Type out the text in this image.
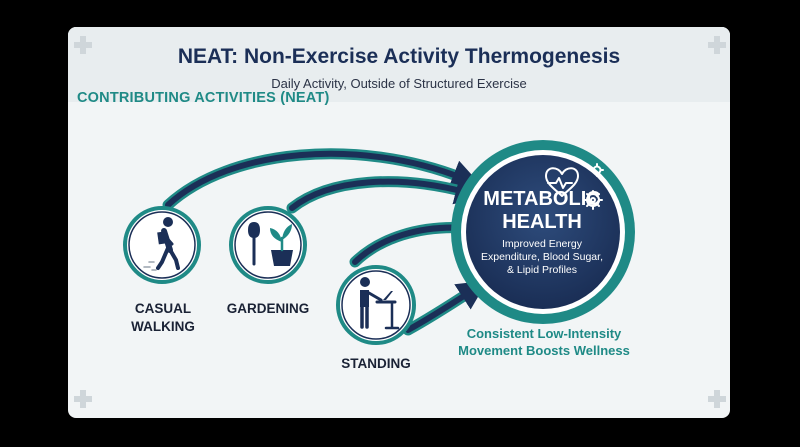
NEAT: Non-Exercise Activity Thermogenesis
Daily Activity, Outside of Structured Exercise
CONTRIBUTING ACTIVITIES (NEAT)
CASUAL
WALKING
GARDENING
STANDING
METABOLIC
HEALTH
Improved Energy
Expenditure, Blood Sugar,
& Lipid Profiles
Consistent Low-Intensity
Movement Boosts Wellness
